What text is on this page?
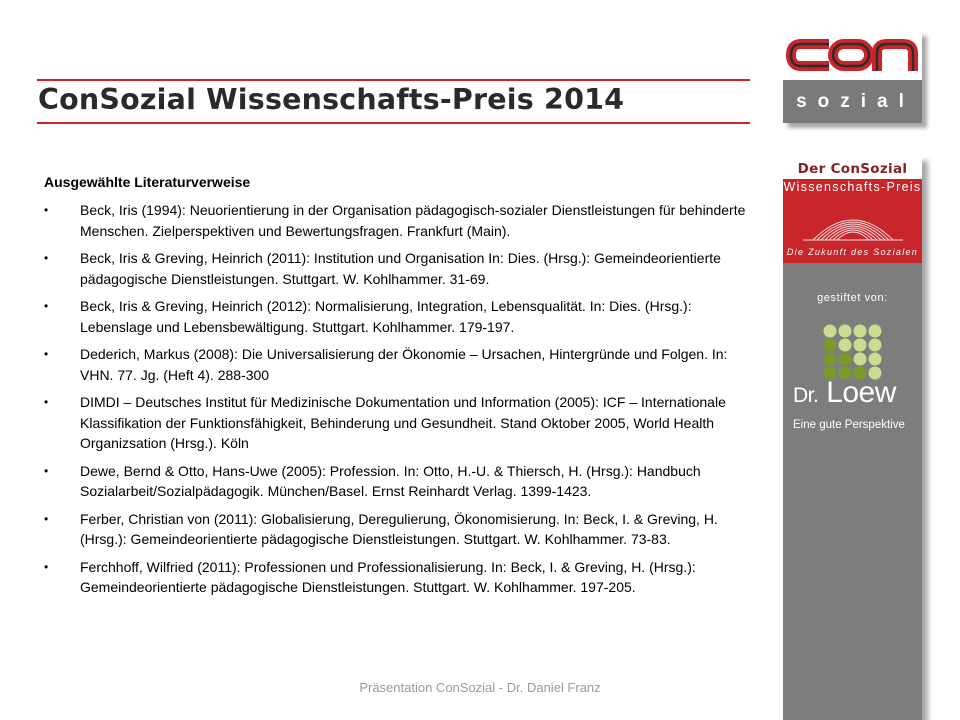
ConSozial Wissenschafts-Preis 2014

Ausgewählte Literaturverweise

• Beck, Iris (1994): Neuorientierung in der Organisation pädagogisch-sozialer Dienstleistungen für behinderte Menschen. Zielperspektiven und Bewertungsfragen. Frankfurt (Main).
• Beck, Iris & Greving, Heinrich (2011): Institution und Organisation In: Dies. (Hrsg.): Gemeindeorientierte pädagogische Dienstleistungen. Stuttgart. W. Kohlhammer. 31-69.
• Beck, Iris & Greving, Heinrich (2012): Normalisierung, Integration, Lebensqualität. In: Dies. (Hrsg.): Lebenslage und Lebensbewältigung. Stuttgart. Kohlhammer. 179-197.
• Dederich, Markus (2008): Die Universalisierung der Ökonomie – Ursachen, Hintergründe und Folgen. In: VHN. 77. Jg. (Heft 4). 288-300
• DIMDI – Deutsches Institut für Medizinische Dokumentation und Information (2005): ICF – Internationale Klassifikation der Funktionsfähigkeit, Behinderung und Gesundheit. Stand Oktober 2005, World Health Organizsation (Hrsg.). Köln
• Dewe, Bernd & Otto, Hans-Uwe (2005): Profession. In: Otto, H.-U. & Thiersch, H. (Hrsg.): Handbuch Sozialarbeit/Sozialpädagogik. München/Basel. Ernst Reinhardt Verlag. 1399-1423.
• Ferber, Christian von (2011): Globalisierung, Deregulierung, Ökonomisierung. In: Beck, I. & Greving, H. (Hrsg.): Gemeindeorientierte pädagogische Dienstleistungen. Stuttgart. W. Kohlhammer. 73-83.
• Ferchhoff, Wilfried (2011): Professionen und Professionalisierung. In: Beck, I. & Greving, H. (Hrsg.): Gemeindeorientierte pädagogische Dienstleistungen. Stuttgart. W. Kohlhammer. 197-205.
Präsentation ConSozial - Dr. Daniel Franz
sozial
Der ConSozial
Wissenschafts-Preis
Die Zukunft des Sozialen
gestiftet von:
Dr. Loew
Eine gute Perspektive
